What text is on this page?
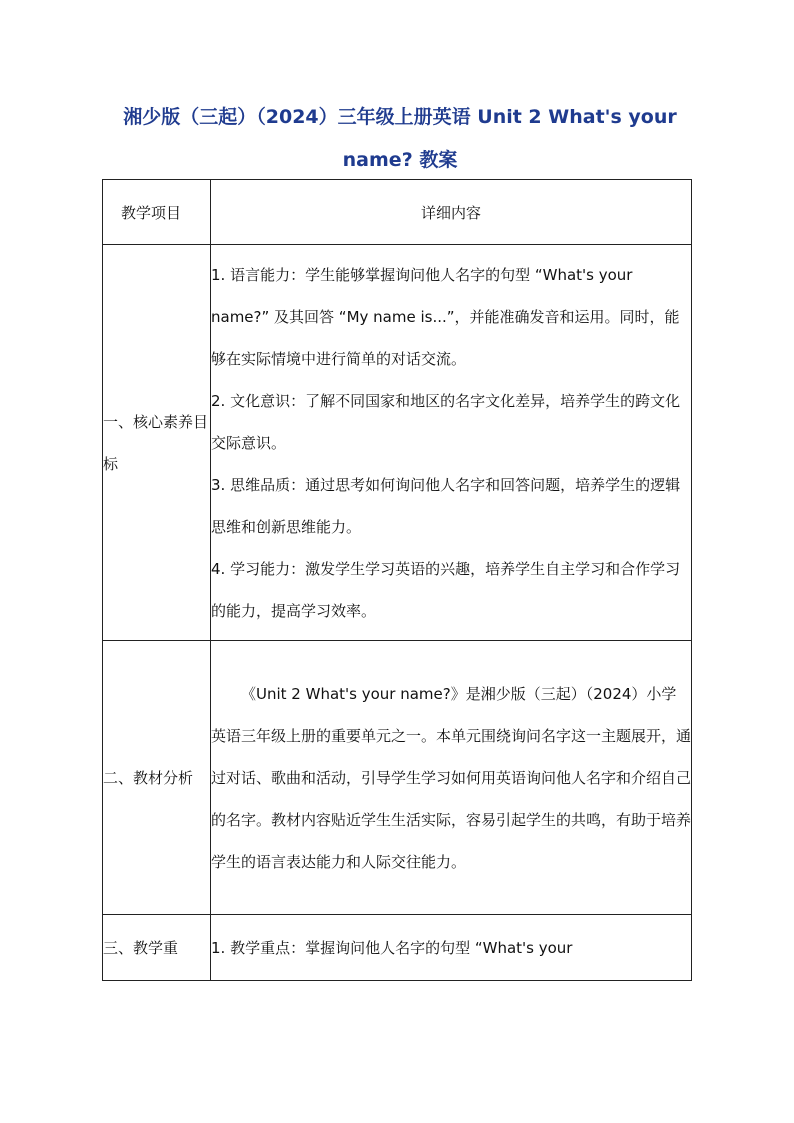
湘少版（三起）（2024）三年级上册英语 Unit 2 What's your name? 教案
教学项目	详细内容
一、核心素养目标	1. 语言能力：学生能够掌握询问他人名字的句型 “What's your name?” 及其回答 “My name is...”，并能准确发音和运用。同时，能够在实际情境中进行简单的对话交流。

2. 文化意识：了解不同国家和地区的名字文化差异，培养学生的跨文化交际意识。

3. 思维品质：通过思考如何询问他人名字和回答问题，培养学生的逻辑思维和创新思维能力。

4. 学习能力：激发学生学习英语的兴趣，培养学生自主学习和合作学习的能力，提高学习效率。

二、教材分析	《Unit 2 What's your name?》是湘少版（三起）（2024）小学英语三年级上册的重要单元之一。本单元围绕询问名字这一主题展开，通过对话、歌曲和活动，引导学生学习如何用英语询问他人名字和介绍自己的名字。教材内容贴近学生生活实际，容易引起学生的共鸣，有助于培养学生的语言表达能力和人际交往能力。

三、教学重	1. 教学重点：掌握询问他人名字的句型 “What's your
